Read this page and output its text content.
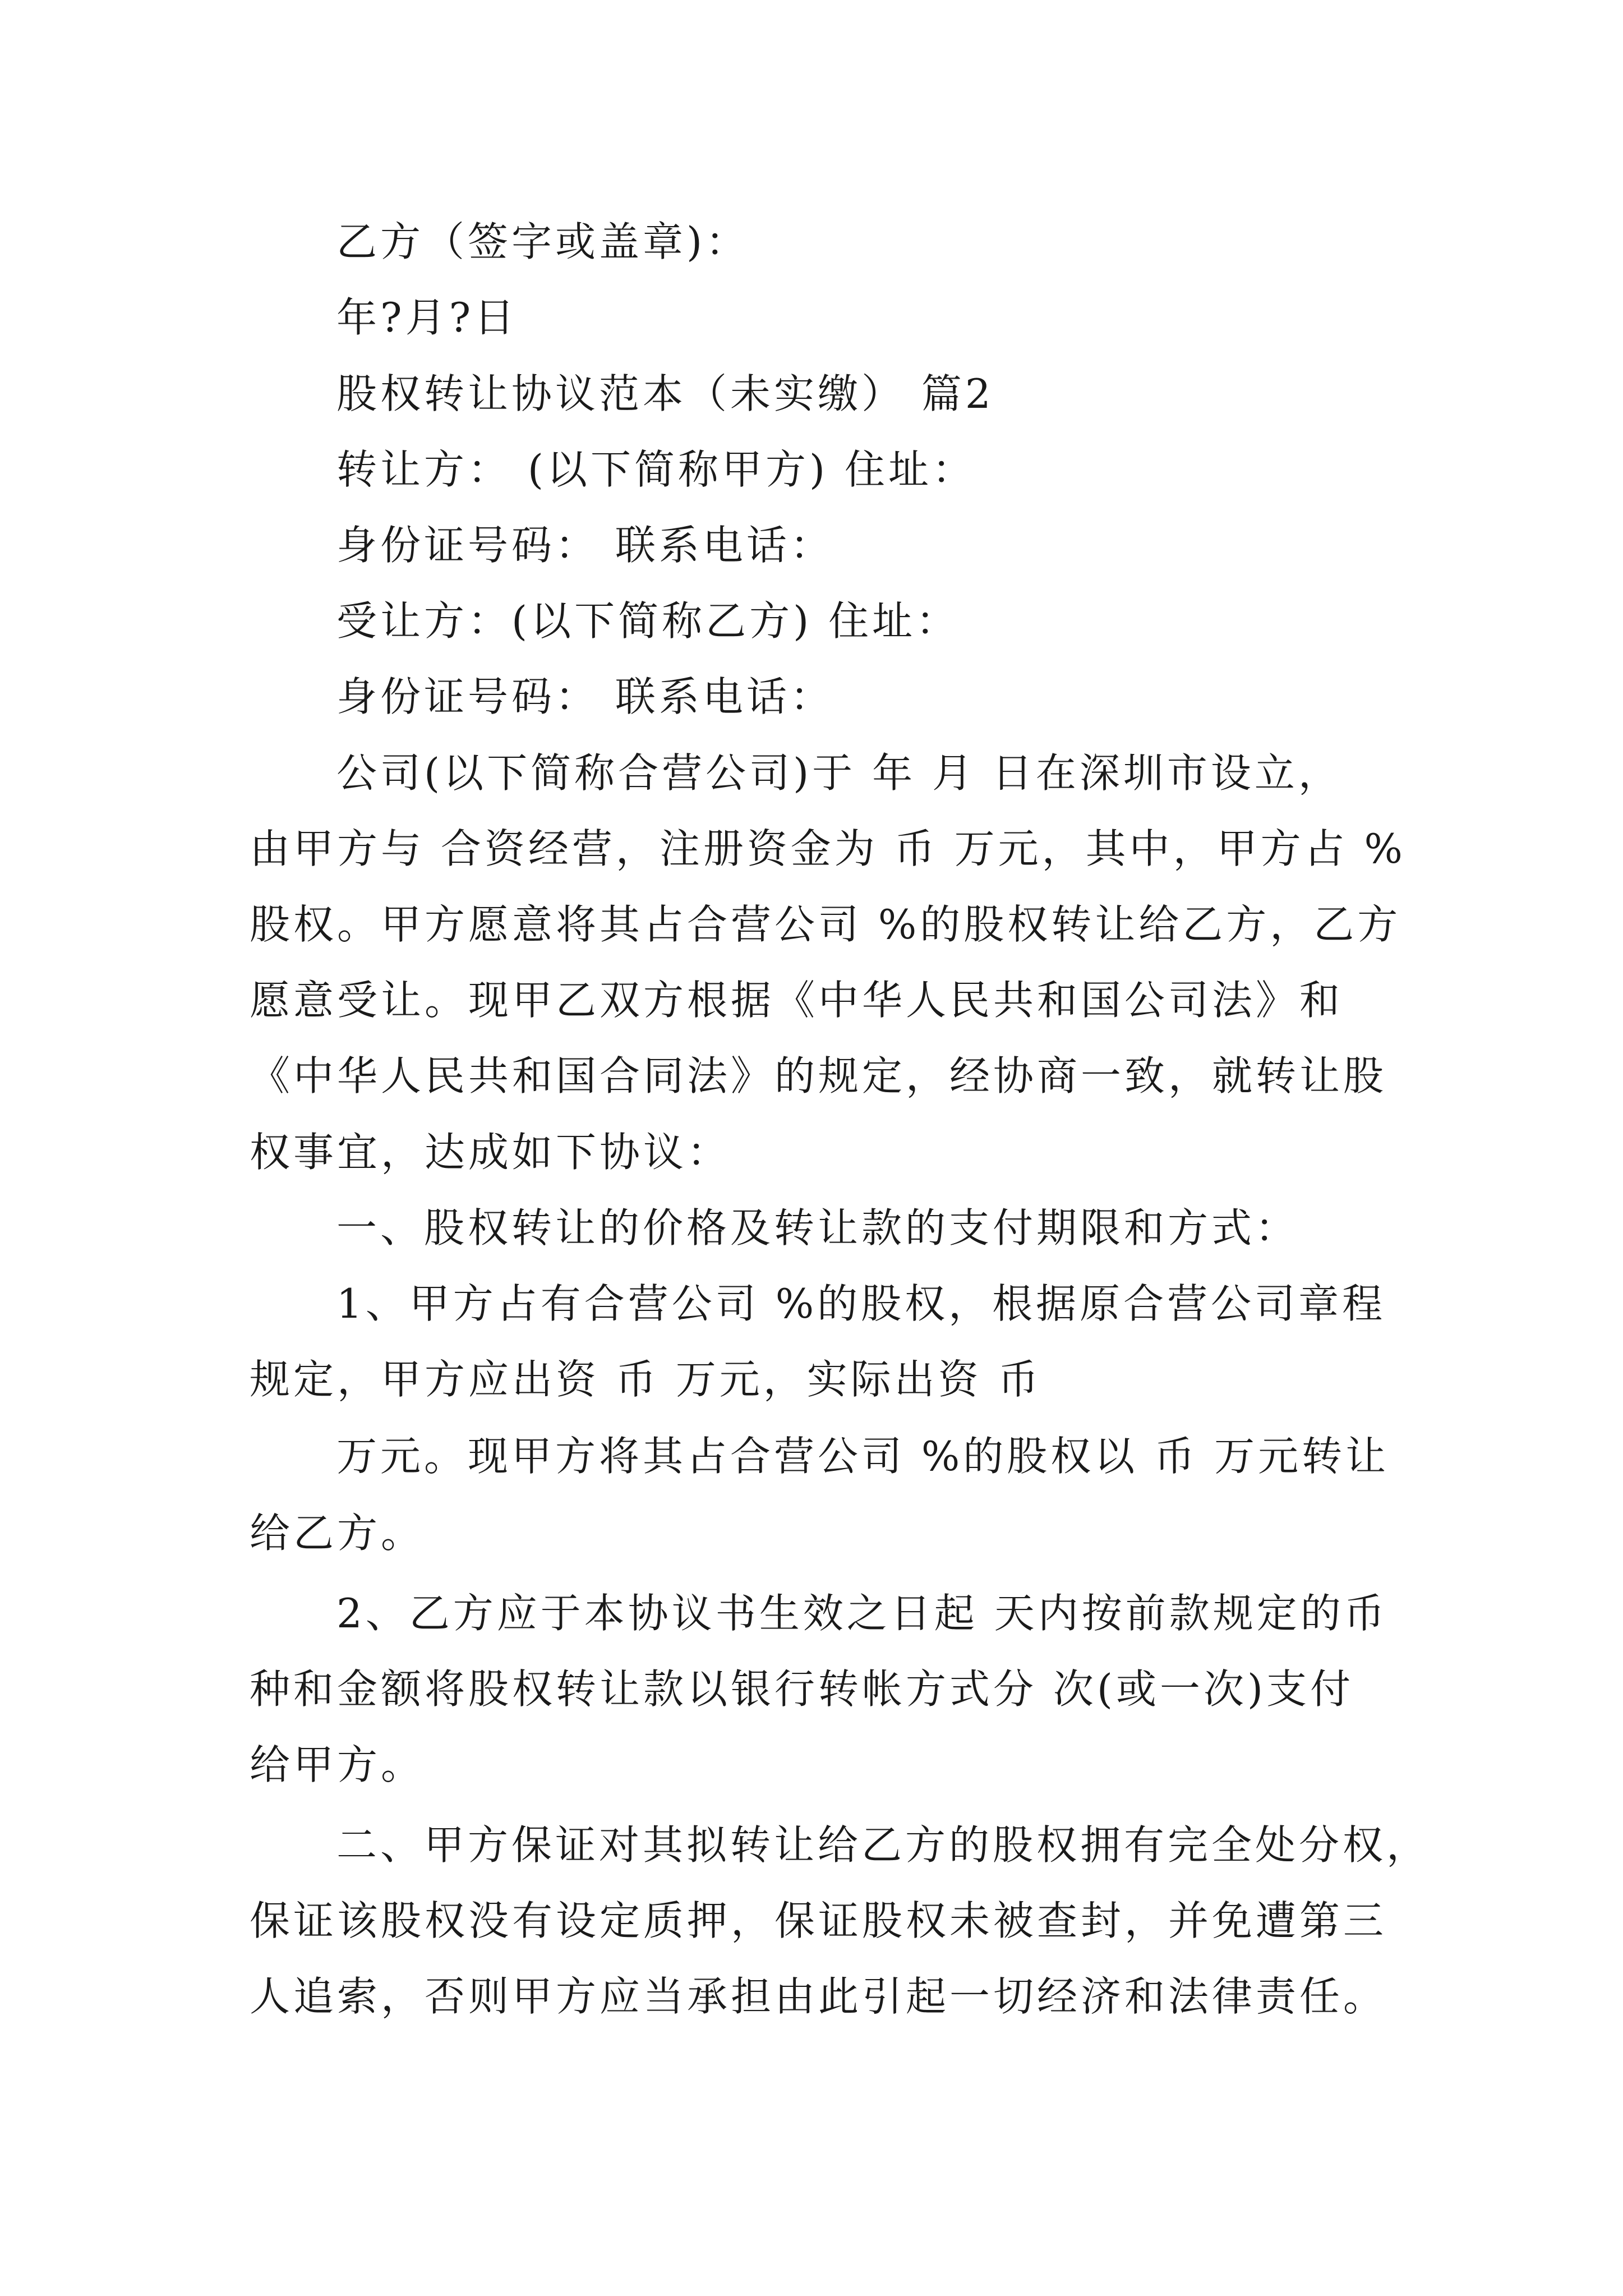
乙方（签字或盖章)：
年?月?日
股权转让协议范本（未实缴） 篇2
转让方： (以下简称甲方) 住址：
身份证号码： 联系电话：
受让方：(以下简称乙方) 住址：
身份证号码： 联系电话：
公司(以下简称合营公司)于 年 月 日在深圳市设立，
由甲方与 合资经营，注册资金为 币 万元，其中，甲方占 %
股权。甲方愿意将其占合营公司 %的股权转让给乙方，乙方
愿意受让。现甲乙双方根据《中华人民共和国公司法》和
《中华人民共和国合同法》的规定，经协商一致，就转让股
权事宜，达成如下协议：
一、股权转让的价格及转让款的支付期限和方式：
1、甲方占有合营公司 %的股权，根据原合营公司章程
规定，甲方应出资 币 万元，实际出资 币
万元。现甲方将其占合营公司 %的股权以 币 万元转让
给乙方。
2、乙方应于本协议书生效之日起 天内按前款规定的币
种和金额将股权转让款以银行转帐方式分 次(或一次)支付
给甲方。
二、甲方保证对其拟转让给乙方的股权拥有完全处分权，
保证该股权没有设定质押，保证股权未被查封，并免遭第三
人追索，否则甲方应当承担由此引起一切经济和法律责任。
